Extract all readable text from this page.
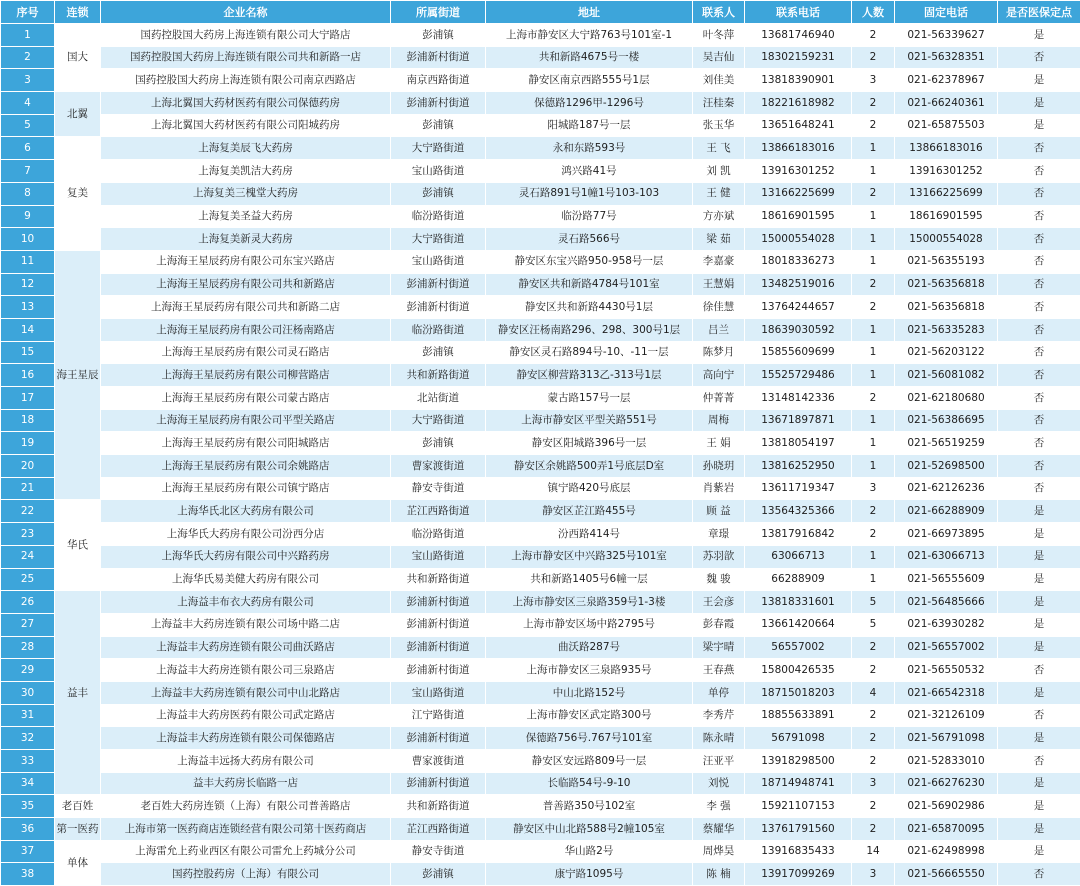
序号	连锁	企业名称	所属街道	地址	联系人	联系电话	人数	固定电话	是否医保定点
1	国大	国药控股国大药房上海连锁有限公司大宁路店	彭浦镇	上海市静安区大宁路763号101室-1	叶冬萍	13681746940	2	021-56339627	是
2		国药控股国大药房上海连锁有限公司共和新路一店	彭浦新村街道	共和新路4675号一楼	吴吉仙	18302159231	2	021-56328351	否
3		国药控股国大药房上海连锁有限公司南京西路店	南京西路街道	静安区南京西路555号1层	刘佳美	13818390901	3	021-62378967	是
4	北翼	上海北翼国大药材医药有限公司保德药房	彭浦新村街道	保德路1296甲-1296号	汪桂秦	18221618982	2	021-66240361	是
5		上海北翼国大药材医药有限公司阳城药房	彭浦镇	阳城路187号一层	张玉华	13651648241	2	021-65875503	是
6	复美	上海复美辰飞大药房	大宁路街道	永和东路593号	王 飞	13866183016	1	13866183016	否
7		上海复美凯洁大药房	宝山路街道	鸿兴路41号	刘 凯	13916301252	1	13916301252	否
8		上海复美三槐堂大药房	彭浦镇	灵石路891号1幢1号103-103	王 健	13166225699	2	13166225699	否
9		上海复美圣益大药房	临汾路街道	临汾路77号	方亦斌	18616901595	1	18616901595	否
10		上海复美新灵大药房	大宁路街道	灵石路566号	梁 茹	15000554028	1	15000554028	否
11	海王星辰	上海海王星辰药房有限公司东宝兴路店	宝山路街道	静安区东宝兴路950-958号一层	李嘉豪	18018336273	1	021-56355193	否
12		上海海王星辰药房有限公司共和新路店	彭浦新村街道	静安区共和新路4784号101室	王慧娟	13482519016	2	021-56356818	否
13		上海海王星辰药房有限公司共和新路二店	彭浦新村街道	静安区共和新路4430号1层	徐佳慧	13764244657	2	021-56356818	否
14		上海海王星辰药房有限公司汪杨南路店	临汾路街道	静安区汪杨南路296、298、300号1层	吕兰	18639030592	1	021-56335283	否
15		上海海王星辰药房有限公司灵石路店	彭浦镇	静安区灵石路894号-10、-11一层	陈梦月	15855609699	1	021-56203122	否
16		上海海王星辰药房有限公司柳营路店	共和新路街道	静安区柳营路313乙-313号1层	高向宁	15525729486	1	021-56081082	否
17		上海海王星辰药房有限公司蒙古路店	北站街道	蒙古路157号一层	仲菁菁	13148142336	2	021-62180680	否
18		上海海王星辰药房有限公司平型关路店	大宁路街道	上海市静安区平型关路551号	周梅	13671897871	1	021-56386695	否
19		上海海王星辰药房有限公司阳城路店	彭浦镇	静安区阳城路396号一层	王 娟	13818054197	1	021-56519259	否
20		上海海王星辰药房有限公司余姚路店	曹家渡街道	静安区余姚路500弄1号底层D室	孙晓玥	13816252950	1	021-52698500	否
21		上海海王星辰药房有限公司镇宁路店	静安寺街道	镇宁路420号底层	肖紫岩	13611719347	3	021-62126236	否
22	华氏	上海华氏北区大药房有限公司	芷江西路街道	静安区芷江路455号	顾 益	13564325366	2	021-66288909	是
23		上海华氏大药房有限公司汾西分店	临汾路街道	汾西路414号	章璟	13817916842	2	021-66973895	是
24		上海华氏大药房有限公司中兴路药房	宝山路街道	上海市静安区中兴路325号101室	苏羽歆	63066713	1	021-63066713	是
25		上海华氏易美健大药房有限公司	共和新路街道	共和新路1405号6幢一层	魏 骏	66288909	1	021-56555609	是
26	益丰	上海益丰布衣大药房有限公司	彭浦新村街道	上海市静安区三泉路359号1-3楼	王会彦	13818331601	5	021-56485666	是
27		上海益丰大药房连锁有限公司场中路二店	彭浦新村街道	上海市静安区场中路2795号	彭春霞	13661420664	5	021-63930282	是
28		上海益丰大药房连锁有限公司曲沃路店	彭浦新村街道	曲沃路287号	梁宇晴	56557002	2	021-56557002	是
29		上海益丰大药房连锁有限公司三泉路店	彭浦新村街道	上海市静安区三泉路935号	王春燕	15800426535	2	021-56550532	否
30		上海益丰大药房连锁有限公司中山北路店	宝山路街道	中山北路152号	单停	18715018203	4	021-66542318	是
31		上海益丰大药房医药有限公司武定路店	江宁路街道	上海市静安区武定路300号	李秀芹	18855633891	2	021-32126109	否
32		上海益丰大药房连锁有限公司保德路店	彭浦新村街道	保德路756号.767号101室	陈永晴	56791098	2	021-56791098	是
33		上海益丰远扬大药房有限公司	曹家渡街道	静安区安远路809号一层	汪亚平	13918298500	2	021-52833010	否
34		益丰大药房长临路一店	彭浦新村街道	长临路54号-9-10	刘悦	18714948741	3	021-66276230	是
35	老百姓	老百姓大药房连锁（上海）有限公司普善路店	共和新路街道	普善路350号102室	李 强	15921107153	2	021-56902986	是
36	第一医药	上海市第一医药商店连锁经营有限公司第十医药商店	芷江西路街道	静安区中山北路588号2幢105室	蔡耀华	13761791560	2	021-65870095	是
37	单体	上海雷允上药业西区有限公司雷允上药城分公司	静安寺街道	华山路2号	周烨昊	13916835433	14	021-62498998	是
38		国药控股药房（上海）有限公司	彭浦镇	康宁路1095号	陈 楠	13917099269	3	021-56665550	否
